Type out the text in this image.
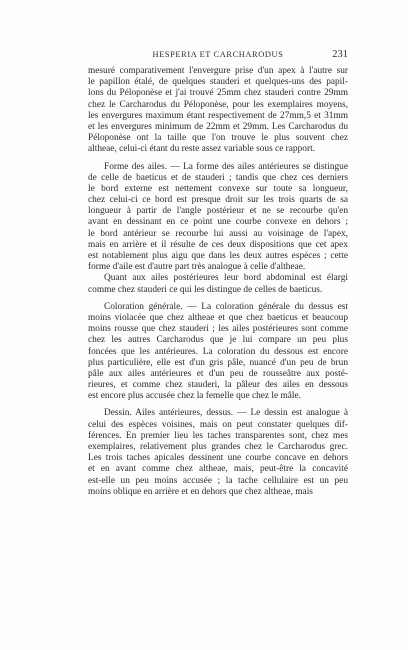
HESPERIA ET CARCHARODUS	231
mesuré comparativement l'envergure prise d'un apex à l'autre sur
le papillon étalé, de quelques stauderi et quelques-uns des papil-
lons du Péloponèse et j'ai trouvé 25mm chez stauderi contre 29mm
chez le Carcharodus du Péloponèse, pour les exemplaires moyens,
les envergures maximum étant respectivement de 27mm,5 et 31mm
et les envergures minimum de 22mm et 29mm. Les Carcharodus du
Péloponèse ont la taille que l'on trouve le plus souvent chez
altheae, celui-ci étant du reste assez variable sous ce rapport.
Forme des ailes. — La forme des ailes antérieures se distingue
de celle de baeticus et de stauderi ; tandis que chez ces derniers
le bord externe est nettement convexe sur toute sa longueur,
chez celui-ci ce bord est presque droit sur les trois quarts de sa
longueur à partir de l'angle postérieur et ne se recourbe qu'en
avant en dessinant en ce point une courbe convexe en dehors ;
le bord antérieur se recourbe lui aussi au voisinage de l'apex,
mais en arrière et il résulte de ces deux dispositions que cet apex
est notablement plus aigu que dans les deux autres espèces ; cette
forme d'aile est d'autre part très analogue à celle d'altheae.
Quant aux ailes postérieures leur bord abdominal est élargi
comme chez stauderi ce qui les distingue de celles de baeticus.
Coloration générale. — La coloration générale du dessus est
moins violacée que chez altheae et que chez baeticus et beaucoup
moins rousse que chez stauderi ; les ailes postérieures sont comme
chez les autres Carcharodus que je lui compare un peu plus
foncées que les antérieures. La coloration du dessous est encore
plus particulière, elle est d'un gris pâle, nuancé d'un peu de brun
pâle aux ailes antérieures et d'un peu de rousseâtre aux posté-
rieures, et comme chez stauderi, la pâleur des ailes en dessous
est encore plus accusée chez la femelle que chez le mâle.
Dessin. Ailes antérieures, dessus. — Le dessin est analogue à
celui des espèces voisines, mais on peut constater quelques dif-
férences. En premier lieu les taches transparentes sont, chez mes
exemplaires, relativement plus grandes chez le Carcharodus grec.
Les trois taches apicales dessinent une courbe concave en dehors
et en avant comme chez altheae, mais, peut-être la concavité
est-elle un peu moins accusée ; la tache cellulaire est un peu
moins oblique en arrière et en dehors que chez altheae, mais
